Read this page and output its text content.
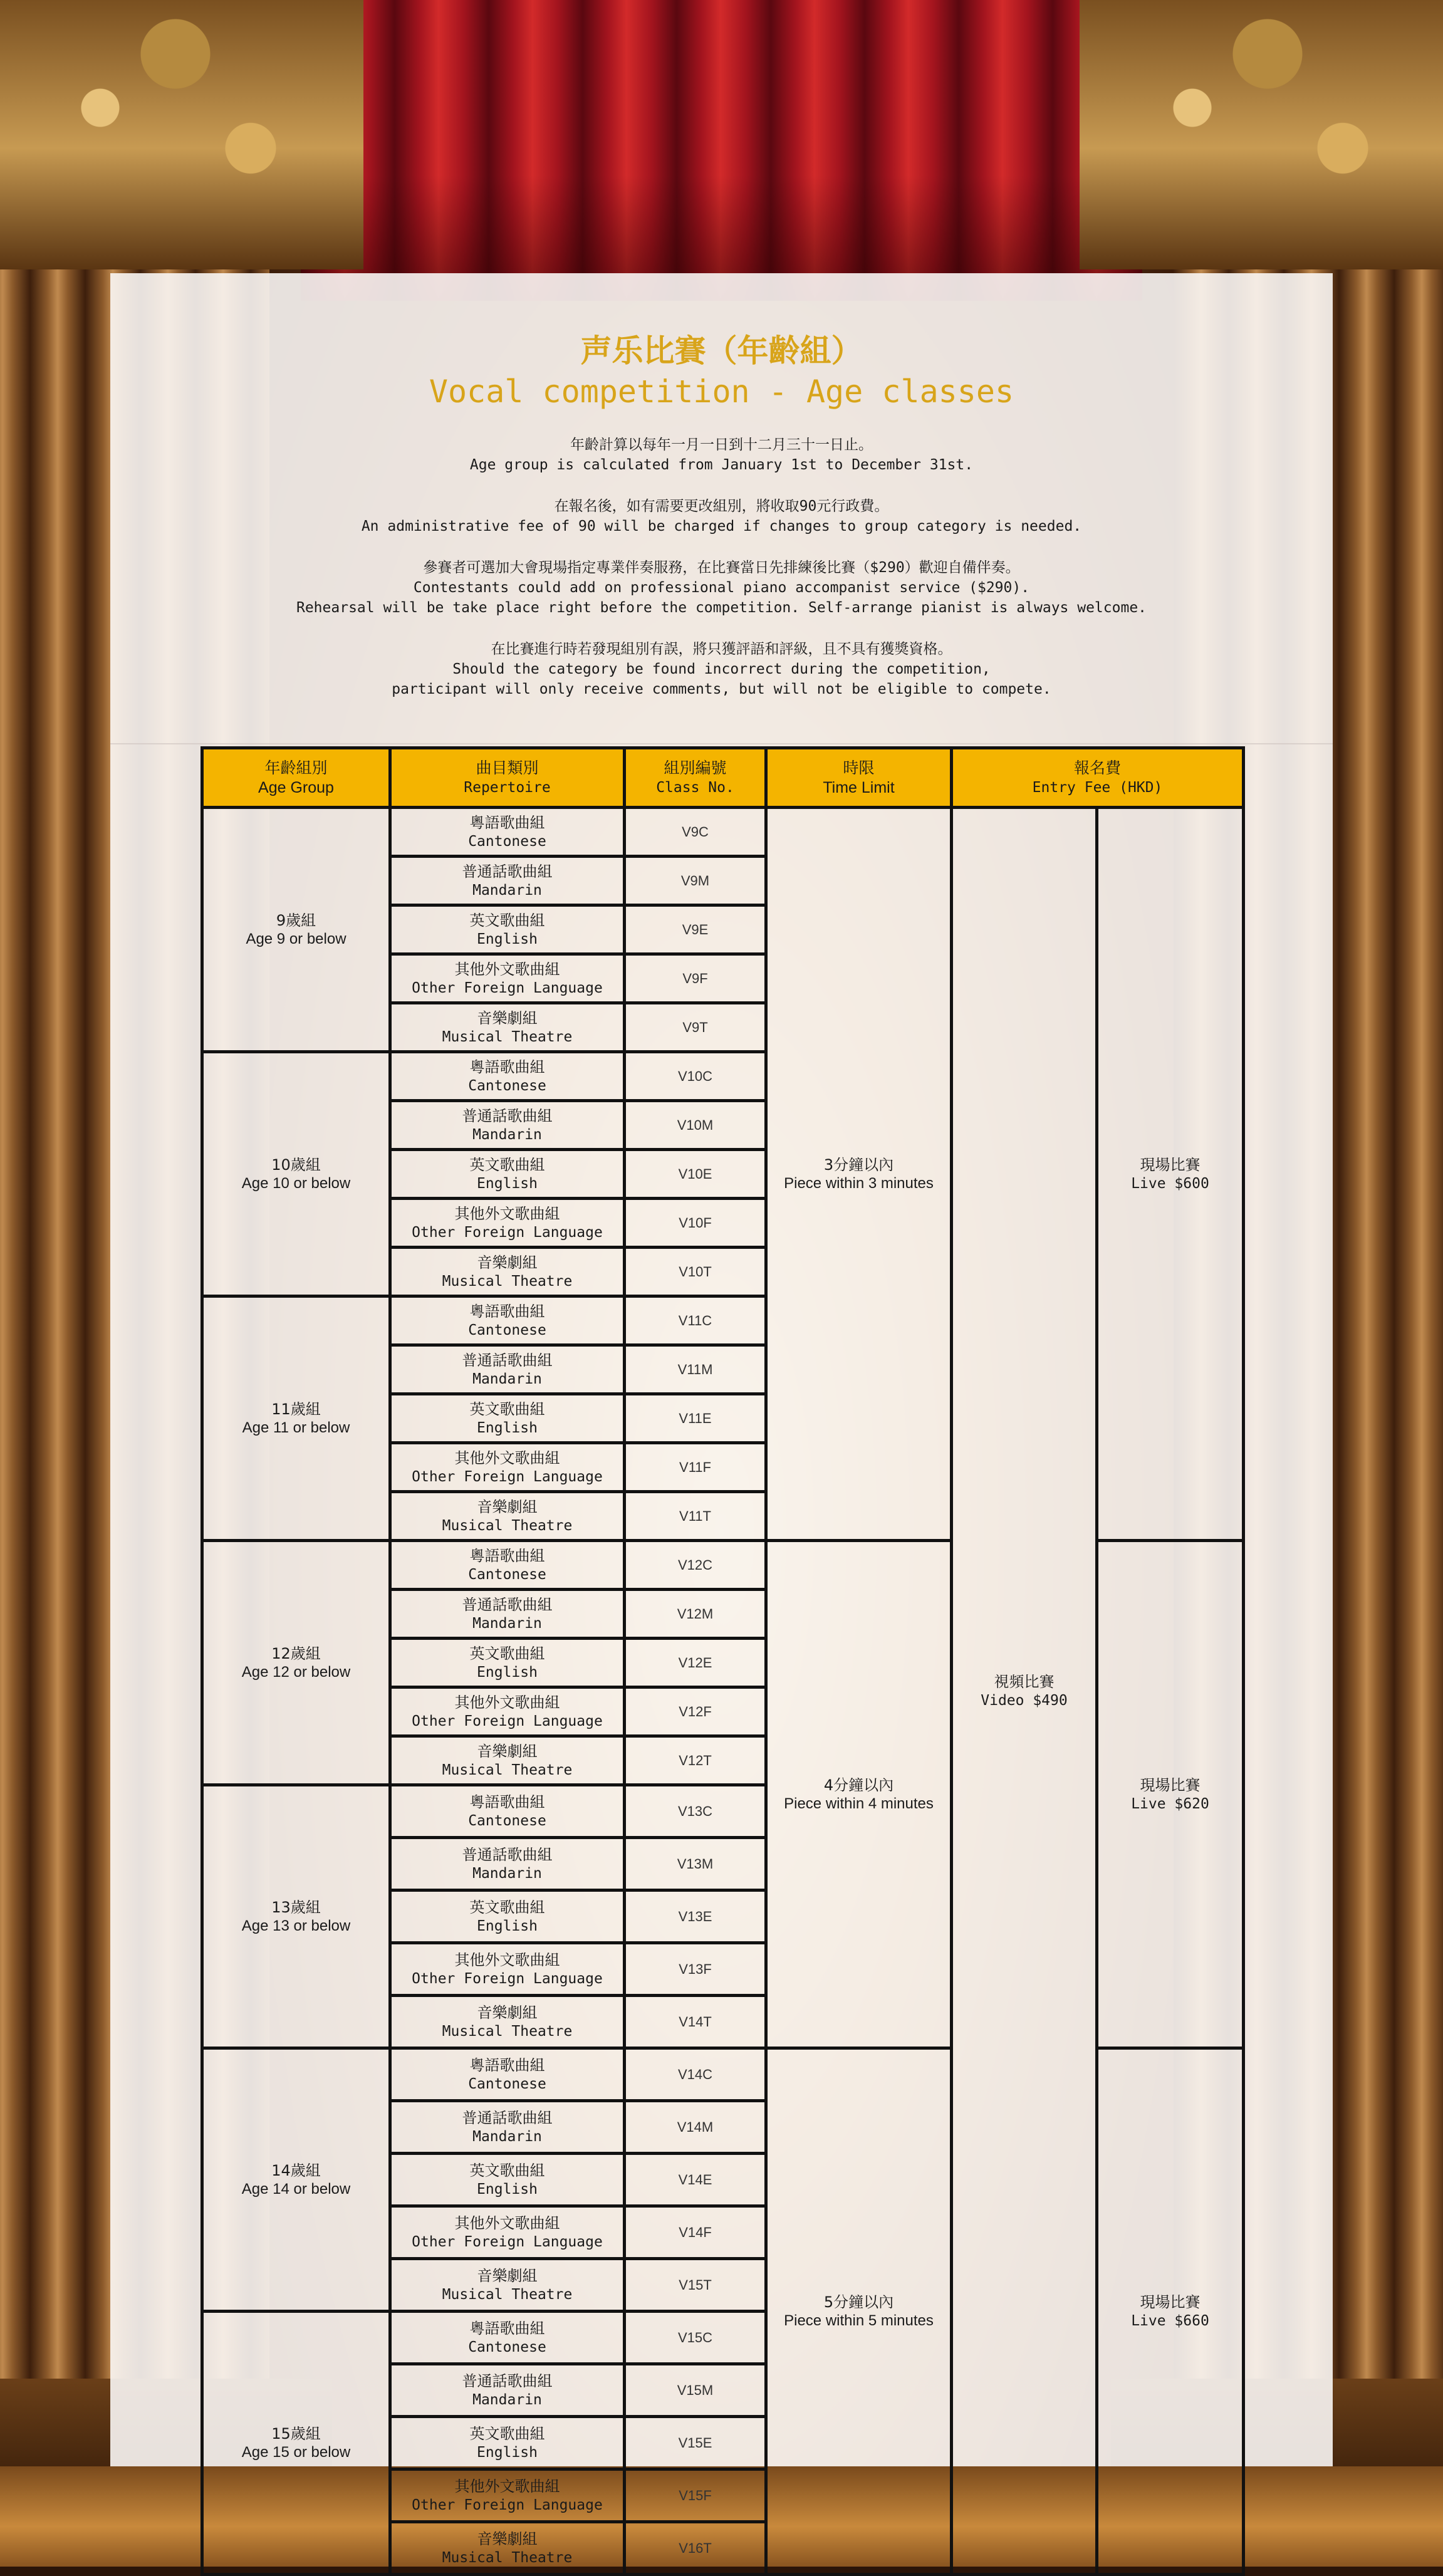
声乐比賽（年齡組）
Vocal competition - Age classes
年齡計算以每年一月一日到十二月三十一日止。
Age group is calculated from January 1st to December 31st.
在報名後，如有需要更改組別，將收取90元行政費。
An administrative fee of 90 will be charged if changes to group category is needed.
參賽者可選加大會現場指定專業伴奏服務，在比賽當日先排練後比賽（$290）歡迎自備伴奏。
Contestants could add on professional piano accompanist service ($290).
Rehearsal will be take place right before the competition. Self-arrange pianist is always welcome.
在比賽進行時若發現組別有誤，將只獲評語和評級，且不具有獲獎資格。
Should the category be found incorrect during the competition,
participant will only receive comments, but will not be eligible to compete.
年齡組別
Age Group	曲目類別
Repertoire	組別編號
Class No.	時限
Time Limit	報名費
Entry Fee (HKD)	

9歲組
Age 9 or below	粵語歌曲組
Cantonese	V9C	3分鐘以內
Piece within 3 minutes	視頻比賽
Video $490	現場比賽
Live $600

	普通話歌曲組
Mandarin	V9M			

	英文歌曲組
English	V9E			

	其他外文歌曲組
Other Foreign Language	V9F			

	音樂劇組
Musical Theatre	V9T			

10歲組
Age 10 or below	粵語歌曲組
Cantonese	V10C			

	普通話歌曲組
Mandarin	V10M			

	英文歌曲組
English	V10E			

	其他外文歌曲組
Other Foreign Language	V10F			

	音樂劇組
Musical Theatre	V10T			

11歲組
Age 11 or below	粵語歌曲組
Cantonese	V11C			

	普通話歌曲組
Mandarin	V11M			

	英文歌曲組
English	V11E			

	其他外文歌曲組
Other Foreign Language	V11F			

	音樂劇組
Musical Theatre	V11T			

12歲組
Age 12 or below	粵語歌曲組
Cantonese	V12C	4分鐘以內
Piece within 4 minutes		現場比賽
Live $620

	普通話歌曲組
Mandarin	V12M			

	英文歌曲組
English	V12E			

	其他外文歌曲組
Other Foreign Language	V12F			

	音樂劇組
Musical Theatre	V12T			

13歲組
Age 13 or below	粵語歌曲組
Cantonese	V13C			

	普通話歌曲組
Mandarin	V13M			

	英文歌曲組
English	V13E			

	其他外文歌曲組
Other Foreign Language	V13F			

	音樂劇組
Musical Theatre	V14T			

14歲組
Age 14 or below	粵語歌曲組
Cantonese	V14C	5分鐘以內
Piece within 5 minutes		現場比賽
Live $660

	普通話歌曲組
Mandarin	V14M			

	英文歌曲組
English	V14E			

	其他外文歌曲組
Other Foreign Language	V14F			

	音樂劇組
Musical Theatre	V15T			

15歲組
Age 15 or below	粵語歌曲組
Cantonese	V15C			

	普通話歌曲組
Mandarin	V15M			

	英文歌曲組
English	V15E			

	其他外文歌曲組
Other Foreign Language	V15F			

	音樂劇組
Musical Theatre	V16T			
